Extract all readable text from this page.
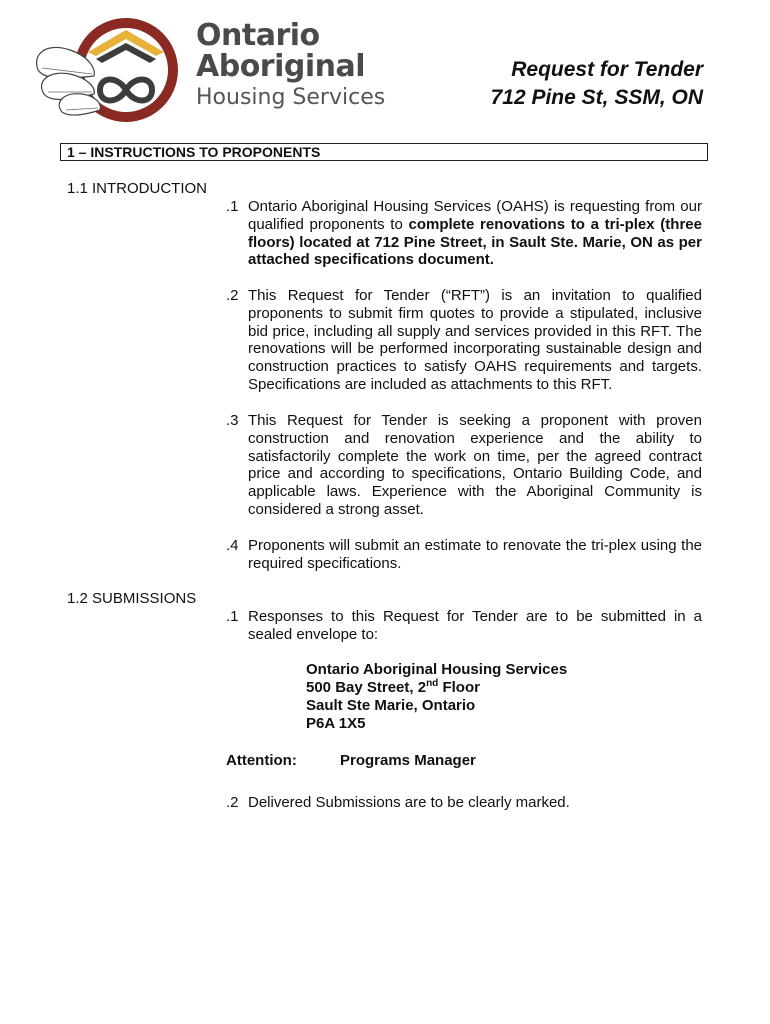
Ontario
Aboriginal
Housing Services
Request for Tender
712 Pine St, SSM, ON
1 – INSTRUCTIONS TO PROPONENTS
1.1 INTRODUCTION
.1 Ontario Aboriginal Housing Services (OAHS) is requesting from our qualified proponents to complete renovations to a tri-plex (three floors) located at 712 Pine Street, in Sault Ste. Marie, ON as per attached specifications document.
.2 This Request for Tender (“RFT”) is an invitation to qualified proponents to submit firm quotes to provide a stipulated, inclusive bid price, including all supply and services provided in this RFT. The renovations will be performed incorporating sustainable design and construction practices to satisfy OAHS requirements and targets. Specifications are included as attachments to this RFT.
.3 This Request for Tender is seeking a proponent with proven construction and renovation experience and the ability to satisfactorily complete the work on time, per the agreed contract price and according to specifications, Ontario Building Code, and applicable laws. Experience with the Aboriginal Community is considered a strong asset.
.4 Proponents will submit an estimate to renovate the tri-plex using the required specifications.
1.2 SUBMISSIONS
.1 Responses to this Request for Tender are to be submitted in a sealed envelope to:
Ontario Aboriginal Housing Services
500 Bay Street, 2nd Floor
Sault Ste Marie, Ontario
P6A 1X5
Attention:	Programs Manager
.2 Delivered Submissions are to be clearly marked.
